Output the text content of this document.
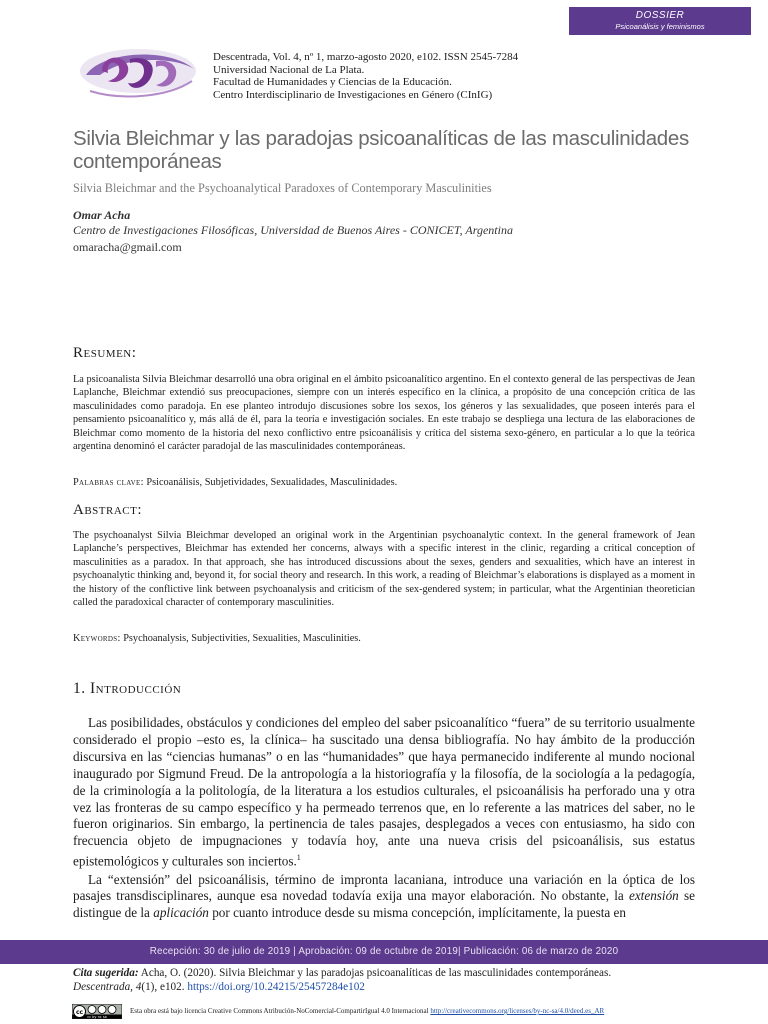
DOSSIER
Psicoanálisis y feminismos
Descentrada, Vol. 4, nº 1, marzo-agosto 2020, e102. ISSN 2545-7284
Universidad Nacional de La Plata.
Facultad de Humanidades y Ciencias de la Educación.
Centro Interdisciplinario de Investigaciones en Género (CInIG)
Silvia Bleichmar y las paradojas psicoanalíticas de las masculinidades contemporáneas
Silvia Bleichmar and the Psychoanalytical Paradoxes of Contemporary Masculinities
Omar Acha
Centro de Investigaciones Filosóficas, Universidad de Buenos Aires - CONICET, Argentina
omaracha@gmail.com
Resumen:
La psicoanalista Silvia Bleichmar desarrolló una obra original en el ámbito psicoanalítico argentino. En el contexto general de las perspectivas de Jean Laplanche, Bleichmar extendió sus preocupaciones, siempre con un interés específico en la clínica, a propósito de una concepción crítica de las masculinidades como paradoja. En ese planteo introdujo discusiones sobre los sexos, los géneros y las sexualidades, que poseen interés para el pensamiento psicoanalítico y, más allá de él, para la teoría e investigación sociales. En este trabajo se despliega una lectura de las elaboraciones de Bleichmar como momento de la historia del nexo conflictivo entre psicoanálisis y crítica del sistema sexo-género, en particular a lo que la teórica argentina denominó el carácter paradojal de las masculinidades contemporáneas.
Palabras clave: Psicoanálisis, Subjetividades, Sexualidades, Masculinidades.
Abstract:
The psychoanalyst Silvia Bleichmar developed an original work in the Argentinian psychoanalytic context. In the general framework of Jean Laplanche’s perspectives, Bleichmar has extended her concerns, always with a specific interest in the clinic, regarding a critical conception of masculinities as a paradox. In that approach, she has introduced discussions about the sexes, genders and sexualities, which have an interest in psychoanalytic thinking and, beyond it, for social theory and research. In this work, a reading of Bleichmar’s elaborations is displayed as a moment in the history of the conflictive link between psychoanalysis and criticism of the sex-gendered system; in particular, what the Argentinian theoretician called the paradoxical character of contemporary masculinities.
Keywords: Psychoanalysis, Subjectivities, Sexualities, Masculinities.
1. Introducción

Las posibilidades, obstáculos y condiciones del empleo del saber psicoanalítico “fuera” de su territorio usualmente considerado el propio –esto es, la clínica– ha suscitado una densa bibliografía. No hay ámbito de la producción discursiva en las “ciencias humanas” o en las “humanidades” que haya permanecido indiferente al mundo nocional inaugurado por Sigmund Freud. De la antropología a la historiografía y la filosofía, de la sociología a la pedagogía, de la criminología a la politología, de la literatura a los estudios culturales, el psicoanálisis ha perforado una y otra vez las fronteras de su campo específico y ha permeado terrenos que, en lo referente a las matrices del saber, no le fueron originarios. Sin embargo, la pertinencia de tales pasajes, desplegados a veces con entusiasmo, ha sido con frecuencia objeto de impugnaciones y todavía hoy, ante una nueva crisis del psicoanálisis, sus estatus epistemológicos y culturales son inciertos.$^1$

La “extensión” del psicoanálisis, término de impronta lacaniana, introduce una variación en la óptica de los pasajes transdisciplinares, aunque esa novedad todavía exija una mayor elaboración. No obstante, la extensión se distingue de la aplicación por cuanto introduce desde su misma concepción, implícitamente, la puesta en

Recepción: 30 de julio de 2019 | Aprobación: 09 de octubre de 2019| Publicación: 06 de marzo de 2020
Cita sugerida: Acha, O. (2020). Silvia Bleichmar y las paradojas psicoanalíticas de las masculinidades contemporáneas.
Descentrada, 4(1), e102. https://doi.org/10.24215/25457284e102
cc
cc by nc sa
Esta obra está bajo licencia Creative Commons Atribución-NoComercial-CompartirIgual 4.0 Internacional http://creativecommons.org/licenses/by-nc-sa/4.0/deed.es_AR
